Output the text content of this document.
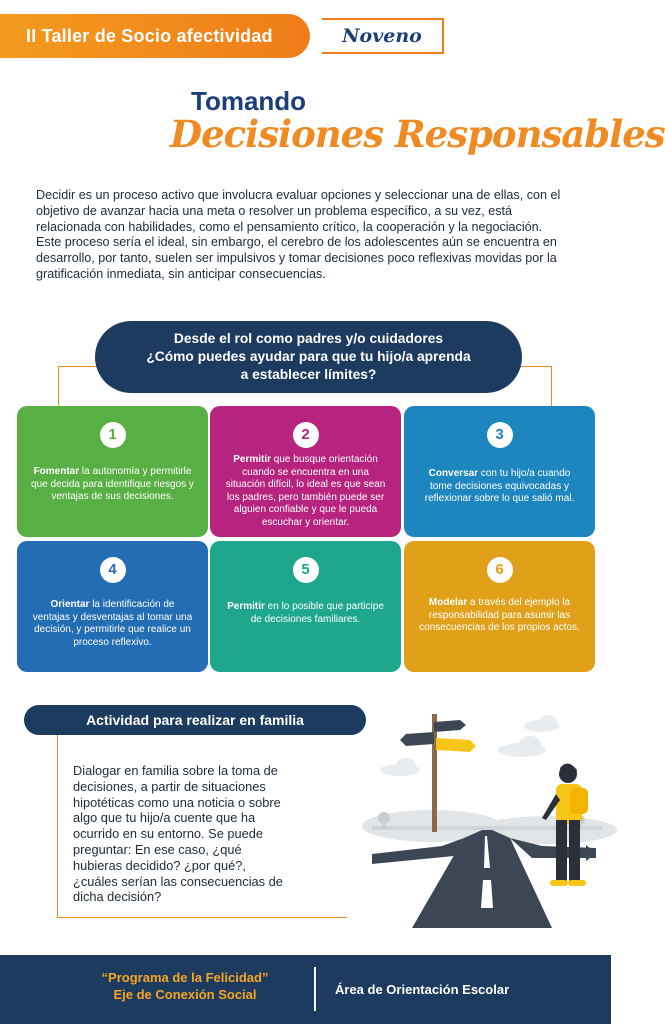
II Taller de Socio afectividad	Noveno
Tomando
Decisiones Responsables

Decidir es un proceso activo que involucra evaluar opciones y seleccionar una de ellas, con el objetivo de avanzar hacia una meta o resolver un problema específico, a su vez, está relacionada con habilidades, como el pensamiento crítico, la cooperación y la negociación.

Este proceso sería el ideal, sin embargo, el cerebro de los adolescentes aún se encuentra en desarrollo, por tanto, suelen ser impulsivos y tomar decisiones poco reflexivas movidas por la gratificación inmediata, sin anticipar consecuencias.

Desde el rol como padres y/o cuidadores
¿Cómo puedes ayudar para que tu hijo/a aprenda
a establecer límites?
1
Fomentar la autonomía y permitirle que decida para identifique riesgos y ventajas de sus decisiones.
2
Permitir que busque orientación cuando se encuentra en una situación difícil, lo ideal es que sean los padres, pero también puede ser alguien confiable y que le pueda escuchar y orientar.
3
Conversar con tu hijo/a cuando tome decisiones equivocadas y reflexionar sobre lo que salió mal.
4
Orientar la identificación de ventajas y desventajas al tomar una decisión, y permitirle que realice un proceso reflexivo.
5
Permitir en lo posible que participe de decisiones familiares.
6
Modelar a través del ejemplo la responsabilidad para asumir las consecuencias de los propios actos.
Actividad para realizar en familia
Dialogar en familia sobre la toma de decisiones, a partir de situaciones hipotéticas como una noticia o sobre algo que tu hijo/a cuente que ha ocurrido en su entorno. Se puede preguntar: En ese caso, ¿qué hubieras decidido? ¿por qué?, ¿cuáles serían las consecuencias de dicha decisión?
“Programa de la Felicidad”
Eje de Conexión Social	Área de Orientación Escolar
